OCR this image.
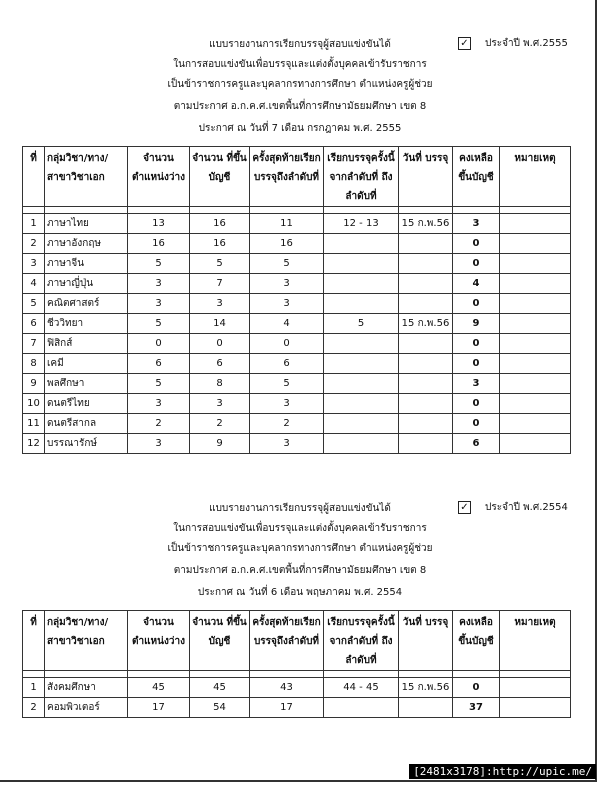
แบบรายงานการเรียกบรรจุผู้สอบแข่งขันได้
ในการสอบแข่งขันเพื่อบรรจุและแต่งตั้งบุคคลเข้ารับราชการ
เป็นข้าราชการครูและบุคลากรทางการศึกษา ตำแหน่งครูผู้ช่วย
ตามประกาศ อ.ก.ค.ศ.เขตพื้นที่การศึกษามัธยมศึกษา เขต 8
ประกาศ ณ วันที่ 7 เดือน กรกฎาคม พ.ศ. 2555
✓ ประจำปี พ.ศ.2555
ที่	กลุ่มวิชา/ทาง/ สาขาวิชาเอก	จำนวน ตำแหน่งว่าง	จำนวน ที่ขึ้นบัญชี	ครั้งสุดท้ายเรียก บรรจุถึงลำดับที่	เรียกบรรจุครั้งนี้ จากลำดับที่ ถึงลำดับที่	วันที่ บรรจุ	คงเหลือ ขึ้นบัญชี	หมายเหตุ

1	ภาษาไทย	13	16	11	12 - 13	15 ก.พ.56	3	
2	ภาษาอังกฤษ	16	16	16			0	
3	ภาษาจีน	5	5	5			0	
4	ภาษาญี่ปุ่น	3	7	3			4	
5	คณิตศาสตร์	3	3	3			0	
6	ชีววิทยา	5	14	4	5	15 ก.พ.56	9	
7	ฟิสิกส์	0	0	0			0	
8	เคมี	6	6	6			0	
9	พลศึกษา	5	8	5			3	
10	ดนตรีไทย	3	3	3			0	
11	ดนตรีสากล	2	2	2			0	
12	บรรณารักษ์	3	9	3			6	
แบบรายงานการเรียกบรรจุผู้สอบแข่งขันได้
ในการสอบแข่งขันเพื่อบรรจุและแต่งตั้งบุคคลเข้ารับราชการ
เป็นข้าราชการครูและบุคลากรทางการศึกษา ตำแหน่งครูผู้ช่วย
ตามประกาศ อ.ก.ค.ศ.เขตพื้นที่การศึกษามัธยมศึกษา เขต 8
ประกาศ ณ วันที่ 6 เดือน พฤษภาคม พ.ศ. 2554
✓ ประจำปี พ.ศ.2554
ที่	กลุ่มวิชา/ทาง/ สาขาวิชาเอก	จำนวน ตำแหน่งว่าง	จำนวน ที่ขึ้นบัญชี	ครั้งสุดท้ายเรียก บรรจุถึงลำดับที่	เรียกบรรจุครั้งนี้ จากลำดับที่ ถึงลำดับที่	วันที่ บรรจุ	คงเหลือ ขึ้นบัญชี	หมายเหตุ

1	สังคมศึกษา	45	45	43	44 - 45	15 ก.พ.56	0	
2	คอมพิวเตอร์	17	54	17			37	
[2481x3178]:http://upic.me/
